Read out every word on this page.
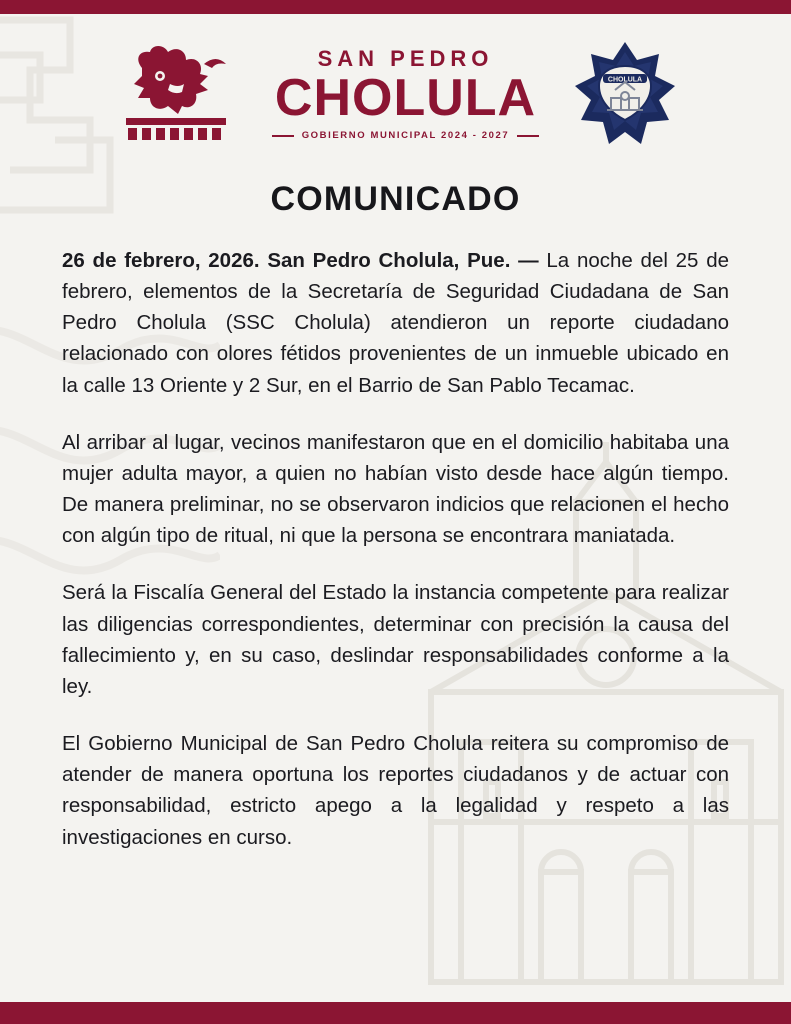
SAN PEDRO
CHOLULA
GOBIERNO MUNICIPAL 2024 - 2027
CHOLULA
COMUNICADO

26 de febrero, 2026. San Pedro Cholula, Pue. — La noche del 25 de febrero, elementos de la Secretaría de Seguridad Ciudadana de San Pedro Cholula (SSC Cholula) atendieron un reporte ciudadano relacionado con olores fétidos provenientes de un inmueble ubicado en la calle 13 Oriente y 2 Sur, en el Barrio de San Pablo Tecamac.

Al arribar al lugar, vecinos manifestaron que en el domicilio habitaba una mujer adulta mayor, a quien no habían visto desde hace algún tiempo. De manera preliminar, no se observaron indicios que relacionen el hecho con algún tipo de ritual, ni que la persona se encontrara maniatada.

Será la Fiscalía General del Estado la instancia competente para realizar las diligencias correspondientes, determinar con precisión la causa del fallecimiento y, en su caso, deslindar responsabilidades conforme a la ley.

El Gobierno Municipal de San Pedro Cholula reitera su compromiso de atender de manera oportuna los reportes ciudadanos y de actuar con responsabilidad, estricto apego a la legalidad y respeto a las investigaciones en curso.
